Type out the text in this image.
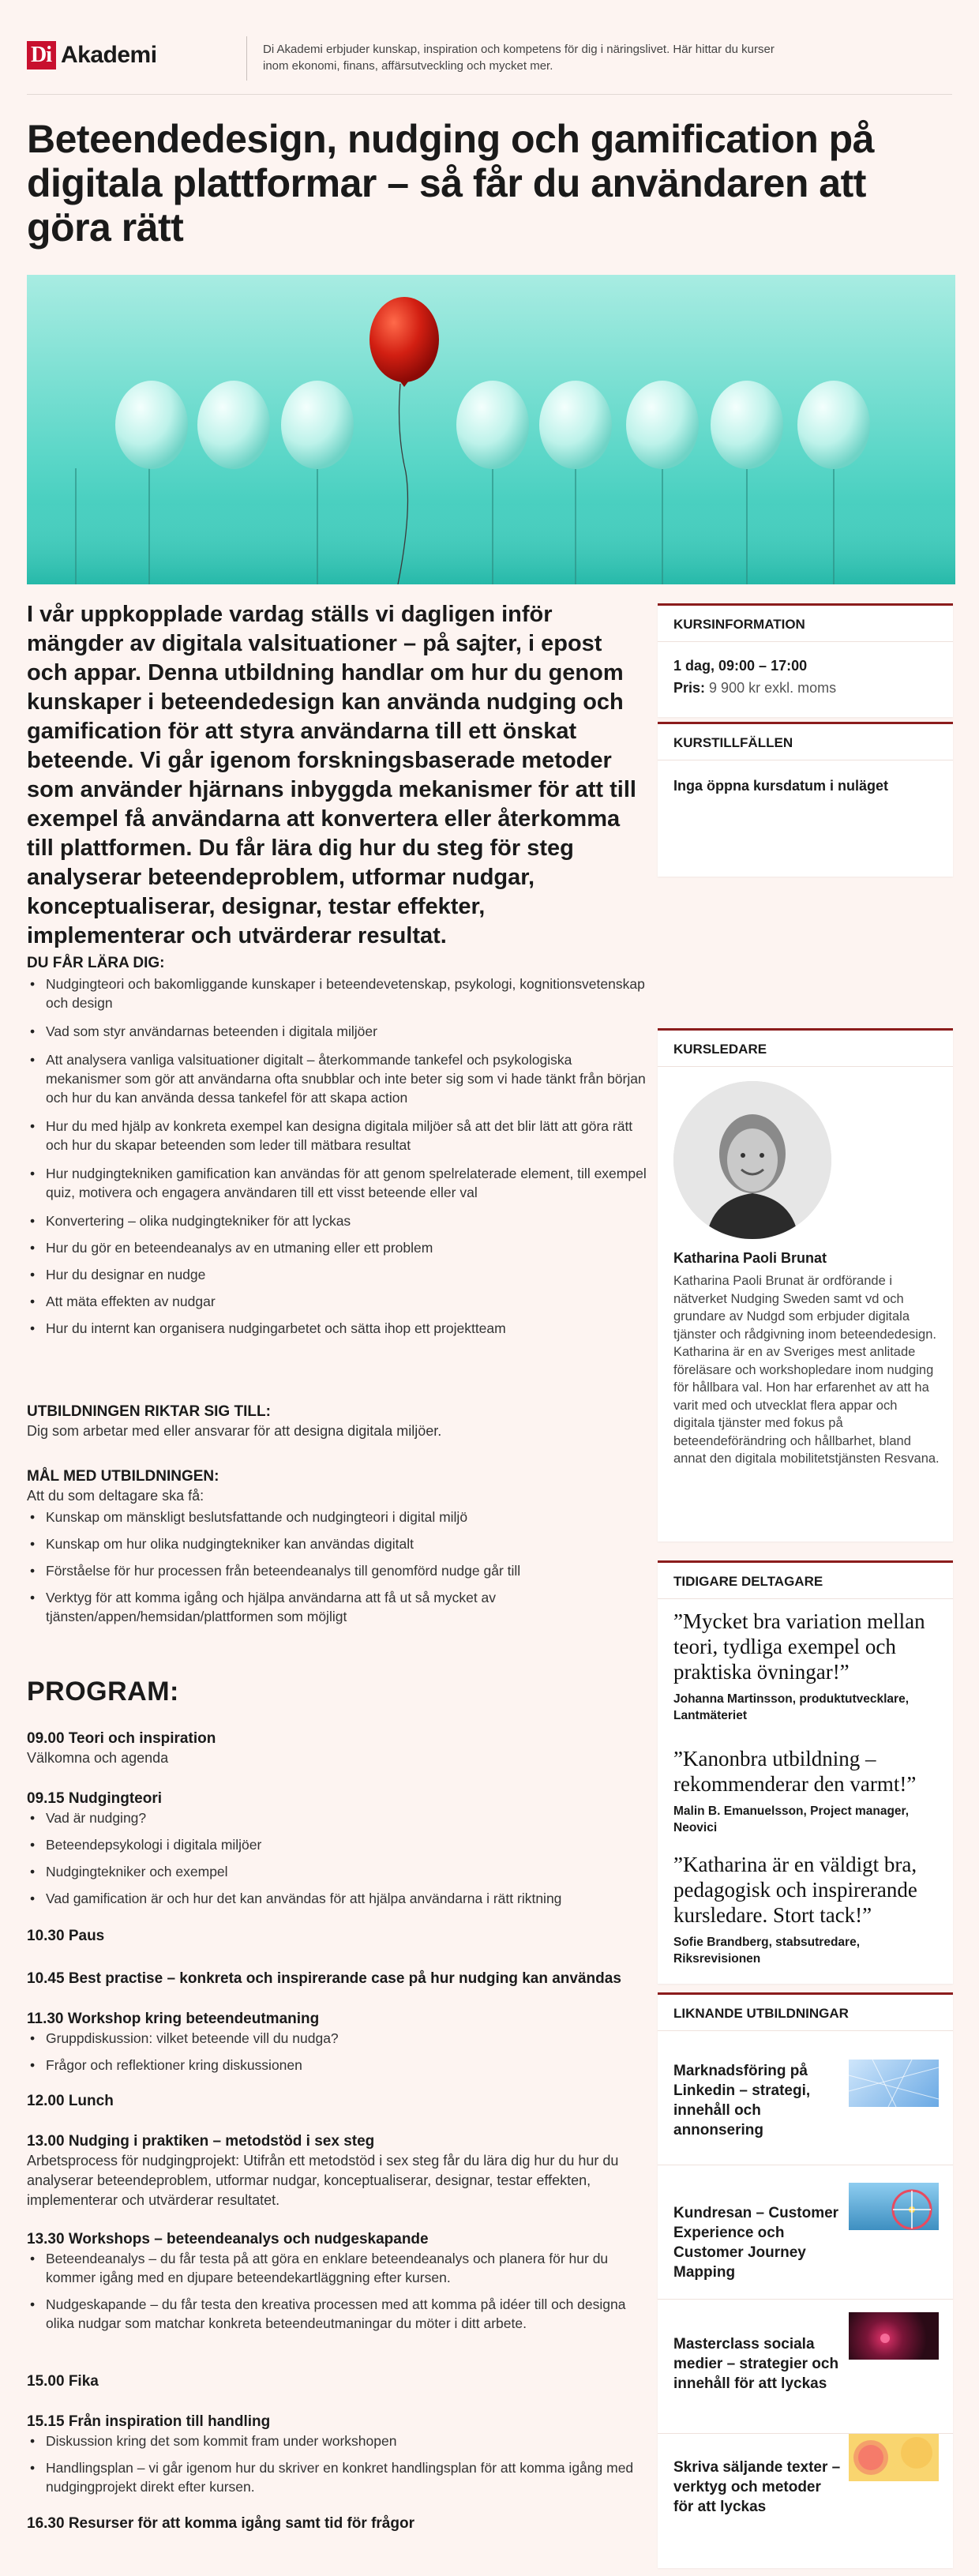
Di Akademi	Di Akademi erbjuder kunskap, inspiration och kompetens för dig i näringslivet. Här hittar du kurser inom ekonomi, finans, affärsutveckling och mycket mer.
Beteendedesign, nudging och gamification på digitala plattformar – så får du användaren att göra rätt

I vår uppkopplade vardag ställs vi dagligen inför mängder av digitala valsituationer – på sajter, i epost och appar. Denna utbildning handlar om hur du genom kunskaper i beteendedesign kan använda nudging och gamification för att styra användarna till ett önskat beteende. Vi går igenom forskningsbaserade metoder som använder hjärnans inbyggda mekanismer för att till exempel få användarna att konvertera eller återkomma till plattformen. Du får lära dig hur du steg för steg analyserar beteendeproblem, utformar nudgar, konceptualiserar, designar, testar effekter, implementerar och utvärderar resultat.

DU FÅR LÄRA DIG:
• Nudgingteori och bakomliggande kunskaper i beteendevetenskap, psykologi, kognitionsvetenskap och design
• Vad som styr användarnas beteenden i digitala miljöer
• Att analysera vanliga valsituationer digitalt – återkommande tankefel och psykologiska mekanismer som gör att användarna ofta snubblar och inte beter sig som vi hade tänkt från början och hur du kan använda dessa tankefel för att skapa action
• Hur du med hjälp av konkreta exempel kan designa digitala miljöer så att det blir lätt att göra rätt och hur du skapar beteenden som leder till mätbara resultat
• Hur nudgingtekniken gamification kan användas för att genom spelrelaterade element, till exempel quiz, motivera och engagera användaren till ett visst beteende eller val
• Konvertering – olika nudgingtekniker för att lyckas
• Hur du gör en beteendeanalys av en utmaning eller ett problem
• Hur du designar en nudge
• Att mäta effekten av nudgar
• Hur du internt kan organisera nudgingarbetet och sätta ihop ett projektteam
UTBILDNINGEN RIKTAR SIG TILL:
Dig som arbetar med eller ansvarar för att designa digitala miljöer.
MÅL MED UTBILDNINGEN:
Att du som deltagare ska få:
• Kunskap om mänskligt beslutsfattande och nudgingteori i digital miljö
• Kunskap om hur olika nudgingtekniker kan användas digitalt
• Förståelse för hur processen från beteendeanalys till genomförd nudge går till
• Verktyg för att komma igång och hjälpa användarna att få ut så mycket av tjänsten/appen/hemsidan/plattformen som möjligt
PROGRAM:
09.00 Teori och inspiration
Välkomna och agenda
09.15 Nudgingteori
• Vad är nudging?
• Beteendepsykologi i digitala miljöer
• Nudgingtekniker och exempel
• Vad gamification är och hur det kan användas för att hjälpa användarna i rätt riktning
10.30 Paus
10.45 Best practise – konkreta och inspirerande case på hur nudging kan användas
11.30 Workshop kring beteendeutmaning
• Gruppdiskussion: vilket beteende vill du nudga?
• Frågor och reflektioner kring diskussionen
12.00 Lunch
13.00 Nudging i praktiken – metodstöd i sex steg
Arbetsprocess för nudgingprojekt: Utifrån ett metodstöd i sex steg får du lära dig hur du hur du analyserar beteendeproblem, utformar nudgar, konceptualiserar, designar, testar effekten, implementerar och utvärderar resultatet.
13.30 Workshops – beteendeanalys och nudgeskapande
• Beteendeanalys – du får testa på att göra en enklare beteendeanalys och planera för hur du kommer igång med en djupare beteendekartläggning efter kursen.
• Nudgeskapande – du får testa den kreativa processen med att komma på idéer till och designa olika nudgar som matchar konkreta beteendeutmaningar du möter i ditt arbete.
15.00 Fika
15.15 Från inspiration till handling
• Diskussion kring det som kommit fram under workshopen
• Handlingsplan – vi går igenom hur du skriver en konkret handlingsplan för att komma igång med nudgingprojekt direkt efter kursen.
16.30 Resurser för att komma igång samt tid för frågor
KURSINFORMATION
1 dag, 09:00 – 17:00
Pris: 9 900 kr exkl. moms
KURSTILLFÄLLEN
Inga öppna kursdatum i nuläget
KURSLEDARE
Katharina Paoli Brunat
Katharina Paoli Brunat är ordförande i nätverket Nudging Sweden samt vd och grundare av Nudgd som erbjuder digitala tjänster och rådgivning inom beteendedesign. Katharina är en av Sveriges mest anlitade föreläsare och workshopledare inom nudging för hållbara val. Hon har erfarenhet av att ha varit med och utvecklat flera appar och digitala tjänster med fokus på beteendeförändring och hållbarhet, bland annat den digitala mobilitetstjänsten Resvana.
TIDIGARE DELTAGARE
”Mycket bra variation mellan teori, tydliga exempel och praktiska övningar!”
Johanna Martinsson, produktutvecklare, Lantmäteriet
”Kanonbra utbildning – rekommenderar den varmt!”
Malin B. Emanuelsson, Project manager, Neovici
”Katharina är en väldigt bra, pedagogisk och inspirerande kursledare. Stort tack!”
Sofie Brandberg, stabsutredare, Riksrevisionen
LIKNANDE UTBILDNINGAR
Marknadsföring på Linkedin – strategi, innehåll och annonsering
Kundresan – Customer Experience och Customer Journey Mapping
Masterclass sociala medier – strategier och innehåll för att lyckas
Skriva säljande texter – verktyg och metoder för att lyckas
